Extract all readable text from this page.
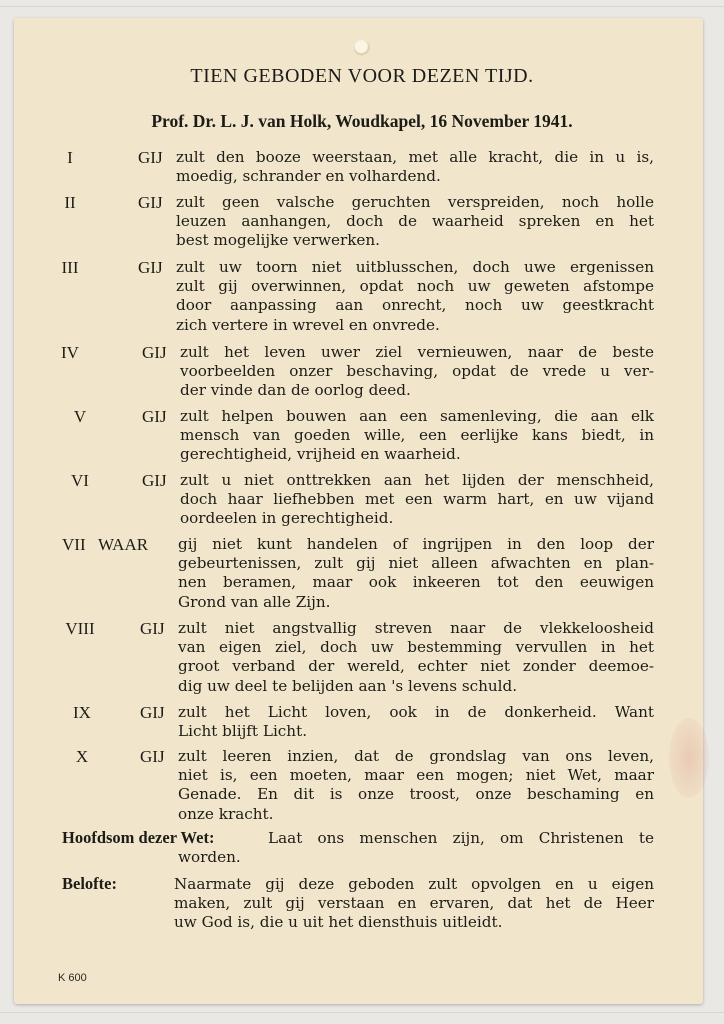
TIEN GEBODEN VOOR DEZEN TIJD.
Prof. Dr. L. J. van Holk, Woudkapel, 16 November 1941.
I	GIJ zult den booze weerstaan, met alle kracht, die in u is,
moedig, schrander en volhardend.
II	GIJ zult geen valsche geruchten verspreiden, noch holle
leuzen aanhangen, doch de waarheid spreken en het
best mogelijke verwerken.
III	GIJ zult uw toorn niet uitblusschen, doch uwe ergenissen
zult gij overwinnen, opdat noch uw geweten afstompe
door aanpassing aan onrecht, noch uw geestkracht
zich vertere in wrevel en onvrede.
IV	GIJ zult het leven uwer ziel vernieuwen, naar de beste
voorbeelden onzer beschaving, opdat de vrede u ver-
der vinde dan de oorlog deed.
V	GIJ zult helpen bouwen aan een samenleving, die aan elk
mensch van goeden wille, een eerlijke kans biedt, in
gerechtigheid, vrijheid en waarheid.
VI	GIJ zult u niet onttrekken aan het lijden der menschheid,
doch haar liefhebben met een warm hart, en uw vijand
oordeelen in gerechtigheid.
VII WAAR gij niet kunt handelen of ingrijpen in den loop der
gebeurtenissen, zult gij niet alleen afwachten en plan-
nen beramen, maar ook inkeeren tot den eeuwigen
Grond van alle Zijn.
VIII	GIJ zult niet angstvallig streven naar de vlekkeloosheid
van eigen ziel, doch uw bestemming vervullen in het
groot verband der wereld, echter niet zonder deemoe-
dig uw deel te belijden aan 's levens schuld.
IX	GIJ zult het Licht loven, ook in de donkerheid. Want
Licht blijft Licht.
X	GIJ zult leeren inzien, dat de grondslag van ons leven,
niet is, een moeten, maar een mogen; niet Wet, maar
Genade. En dit is onze troost, onze beschaming en
onze kracht.
Hoofdsom dezer Wet:	Laat ons menschen zijn, om Christenen te
worden.
Belofte:	Naarmate gij deze geboden zult opvolgen en u eigen
maken, zult gij verstaan en ervaren, dat het de Heer
uw God is, die u uit het diensthuis uitleidt.
K 600
